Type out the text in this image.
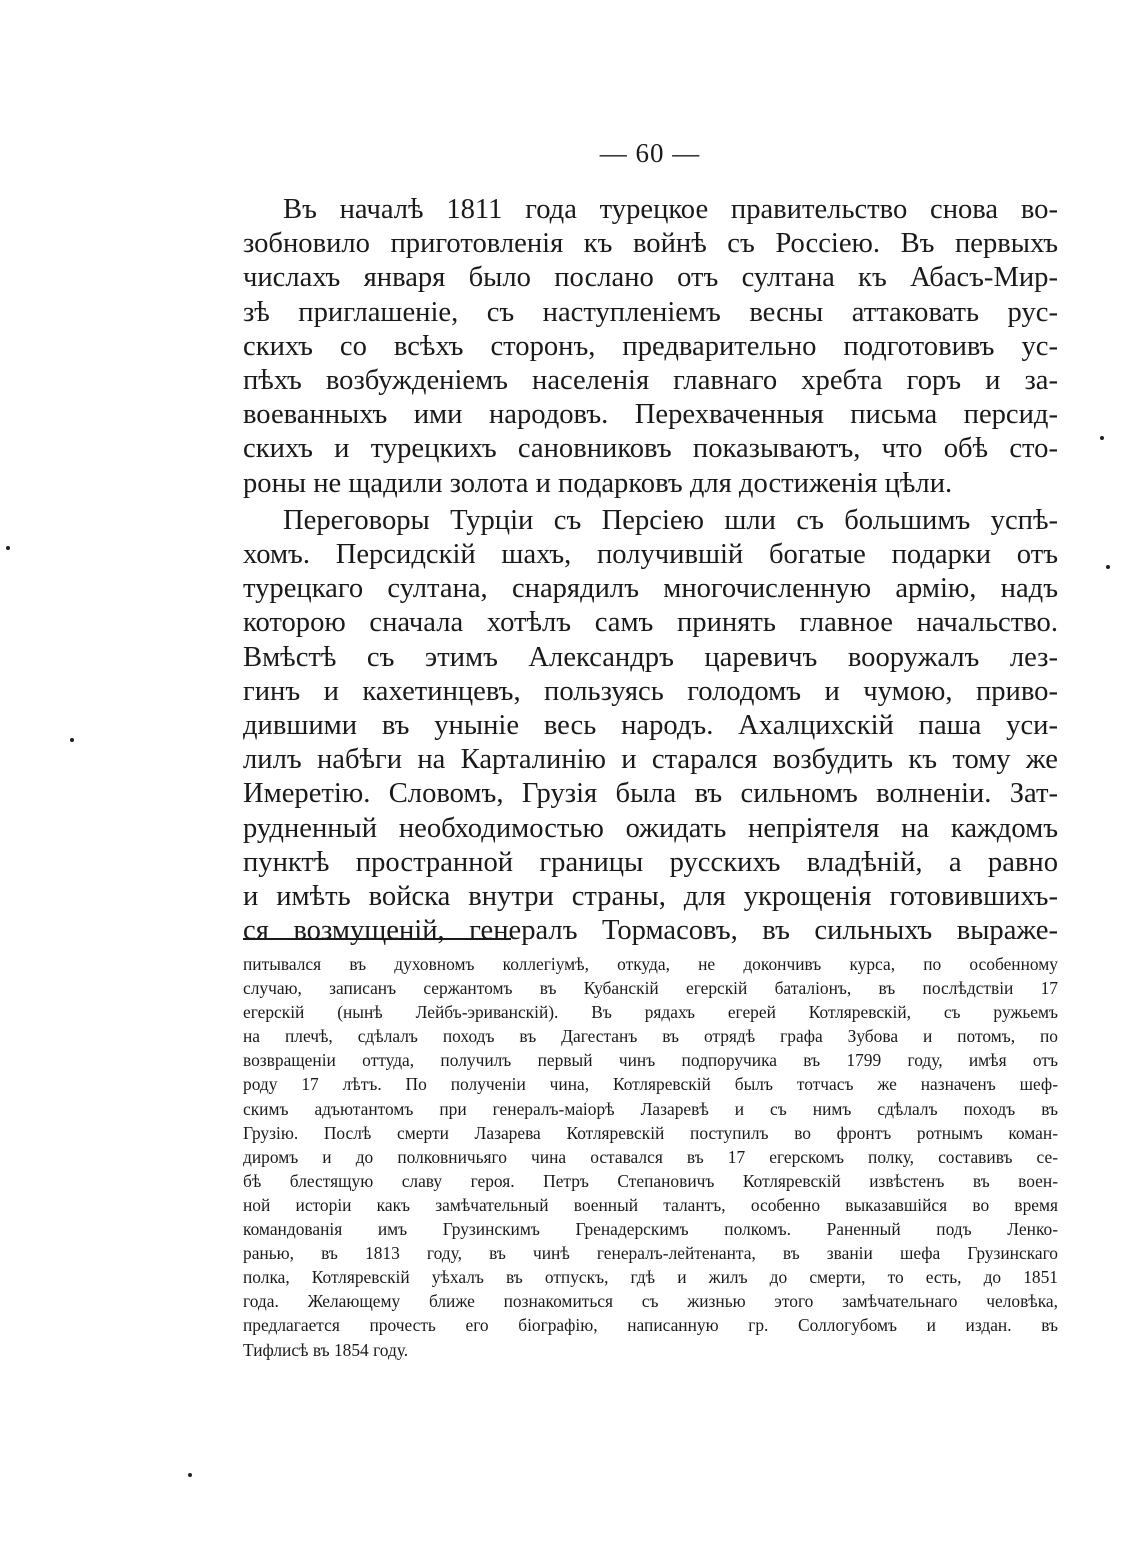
— 60 —
Въ началѣ 1811 года турецкое правительство снова во-
зобновило приготовленія къ войнѣ съ Россіею. Въ первыхъ
числахъ января было послано отъ султана къ Абасъ-Мир-
зѣ приглашеніе, съ наступленіемъ весны аттаковать рус-
скихъ со всѣхъ сторонъ, предварительно подготовивъ ус-
пѣхъ возбужденіемъ населенія главнаго хребта горъ и за-
воеванныхъ ими народовъ. Перехваченныя письма персид-
скихъ и турецкихъ сановниковъ показываютъ, что обѣ сто-
роны не щадили золота и подарковъ для достиженія цѣли.
Переговоры Турціи съ Персіею шли съ большимъ успѣ-
хомъ. Персидскій шахъ, получившій богатые подарки отъ
турецкаго султана, снарядилъ многочисленную армію, надъ
которою сначала хотѣлъ самъ принять главное начальство.
Вмѣстѣ съ этимъ Александръ царевичъ вооружалъ лез-
гинъ и кахетинцевъ, пользуясь голодомъ и чумою, приво-
дившими въ уныніе весь народъ. Ахалцихскій паша уси-
лилъ набѣги на Карталинію и старался возбудить къ тому же
Имеретію. Словомъ, Грузія была въ сильномъ волненіи. Зат-
рудненный необходимостью ожидать непріятеля на каждомъ
пунктѣ пространной границы русскихъ владѣній, а равно
и имѣть войска внутри страны, для укрощенія готовившихъ-
ся возмущеній, генералъ Тормасовъ, въ сильныхъ выраже-
питывался въ духовномъ коллегіумѣ, откуда, не докончивъ курса, по особенному
случаю, записанъ сержантомъ въ Кубанскій егерскій баталіонъ, въ послѣдствіи 17
егерскій (нынѣ Лейбъ-эриванскій). Въ рядахъ егерей Котляревскій, съ ружьемъ
на плечѣ, сдѣлалъ походъ въ Дагестанъ въ отрядѣ графа Зубова и потомъ, по
возвращеніи оттуда, получилъ первый чинъ подпоручика въ 1799 году, имѣя отъ
роду 17 лѣтъ. По полученіи чина, Котляревскій былъ тотчасъ же назначенъ шеф-
скимъ адъютантомъ при генералъ-маіорѣ Лазаревѣ и съ нимъ сдѣлалъ походъ въ
Грузію. Послѣ смерти Лазарева Котляревскій поступилъ во фронтъ ротнымъ коман-
диромъ и до полковничьяго чина оставался въ 17 егерскомъ полку, составивъ се-
бѣ блестящую славу героя. Петръ Степановичъ Котляревскій извѣстенъ въ воен-
ной исторіи какъ замѣчательный военный талантъ, особенно выказавшійся во время
командованія имъ Грузинскимъ Гренадерскимъ полкомъ. Раненный подъ Ленко-
ранью, въ 1813 году, въ чинѣ генералъ-лейтенанта, въ званіи шефа Грузинскаго
полка, Котляревскій уѣхалъ въ отпускъ, гдѣ и жилъ до смерти, то есть, до 1851
года. Желающему ближе познакомиться съ жизнью этого замѣчательнаго человѣка,
предлагается прочесть его біографію, написанную гр. Соллогубомъ и издан. въ
Тифлисѣ въ 1854 году.
